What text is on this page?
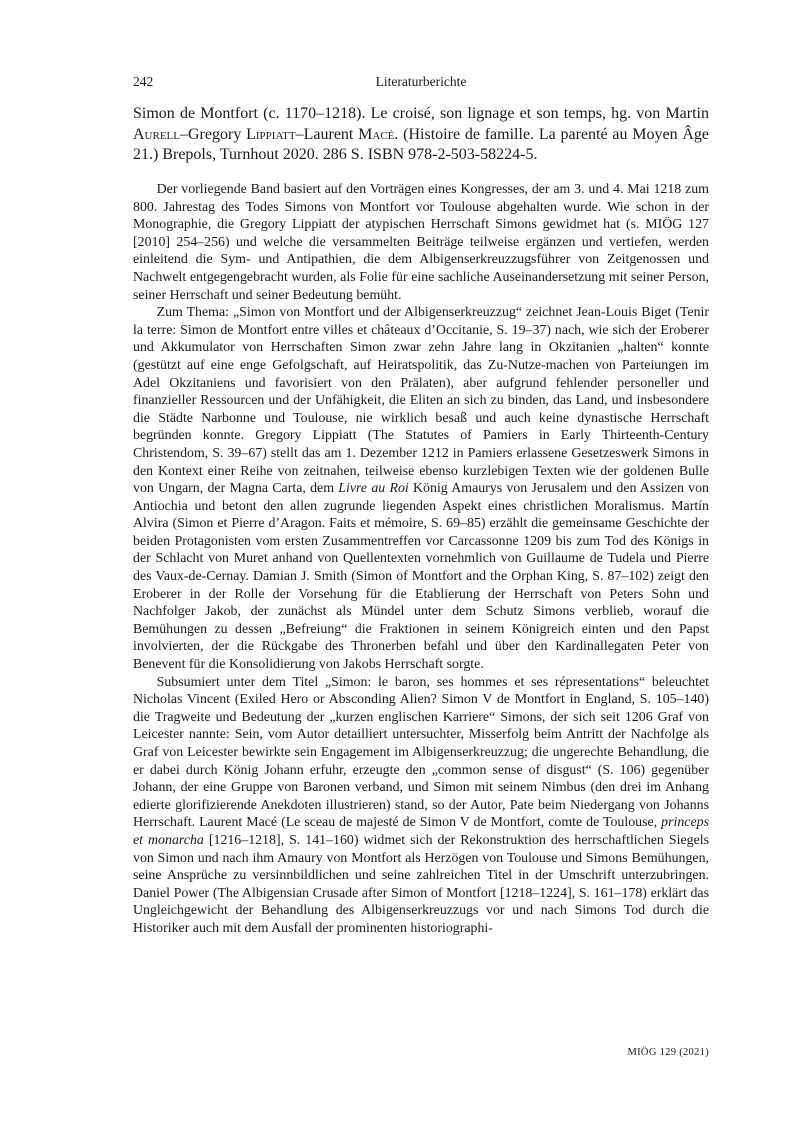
242	Literaturberichte
Simon de Montfort (c. 1170–1218). Le croisé, son lignage et son temps, hg. von Martin Aurell–Gregory Lippiatt–Laurent Macé. (Histoire de famille. La parenté au Moyen Âge 21.) Brepols, Turnhout 2020. 286 S. ISBN 978-2-503-58224-5.

Der vorliegende Band basiert auf den Vorträgen eines Kongresses, der am 3. und 4. Mai 1218 zum 800. Jahrestag des Todes Simons von Montfort vor Toulouse abgehalten wurde. Wie schon in der Monographie, die Gregory Lippiatt der atypischen Herrschaft Simons gewidmet hat (s. MIÖG 127 [2010] 254–256) und welche die versammelten Beiträge teilweise ergänzen und vertiefen, werden einleitend die Sym- und Antipathien, die dem Albigenserkreuzzugsführer von Zeitgenossen und Nachwelt entgegengebracht wurden, als Folie für eine sachliche Auseinandersetzung mit seiner Person, seiner Herrschaft und seiner Bedeutung bemüht.

Zum Thema: „Simon von Montfort und der Albigenserkreuzzug“ zeichnet Jean-Louis Biget (Tenir la terre: Simon de Montfort entre villes et châteaux d’Occitanie, S. 19–37) nach, wie sich der Eroberer und Akkumulator von Herrschaften Simon zwar zehn Jahre lang in Okzitanien „halten“ konnte (gestützt auf eine enge Gefolgschaft, auf Heiratspolitik, das Zu-Nutze-machen von Parteiungen im Adel Okzitaniens und favorisiert von den Prälaten), aber aufgrund fehlender personeller und finanzieller Ressourcen und der Unfähigkeit, die Eliten an sich zu binden, das Land, und insbesondere die Städte Narbonne und Toulouse, nie wirklich besaß und auch keine dynastische Herrschaft begründen konnte. Gregory Lippiatt (The Statutes of Pamiers in Early Thirteenth-Century Christendom, S. 39–67) stellt das am 1. Dezember 1212 in Pamiers erlassene Gesetzeswerk Simons in den Kontext einer Reihe von zeitnahen, teilweise ebenso kurzlebigen Texten wie der goldenen Bulle von Ungarn, der Magna Carta, dem Livre au Roi König Amaurys von Jerusalem und den Assizen von Antiochia und betont den allen zugrunde liegenden Aspekt eines christlichen Moralismus. Martín Alvira (Simon et Pierre d’Aragon. Faits et mémoire, S. 69–85) erzählt die gemeinsame Geschichte der beiden Protagonisten vom ersten Zusammentreffen vor Carcassonne 1209 bis zum Tod des Königs in der Schlacht von Muret anhand von Quellentexten vornehmlich von Guillaume de Tudela und Pierre des Vaux-de-Cernay. Damian J. Smith (Simon of Montfort and the Orphan King, S. 87–102) zeigt den Eroberer in der Rolle der Vorsehung für die Etablierung der Herrschaft von Peters Sohn und Nachfolger Jakob, der zunächst als Mündel unter dem Schutz Simons verblieb, worauf die Bemühungen zu dessen „Befreiung“ die Fraktionen in seinem Königreich einten und den Papst involvierten, der die Rückgabe des Thronerben befahl und über den Kardinallegaten Peter von Benevent für die Konsolidierung von Jakobs Herrschaft sorgte.

Subsumiert unter dem Titel „Simon: le baron, ses hommes et ses répresentations“ beleuchtet Nicholas Vincent (Exiled Hero or Absconding Alien? Simon V de Montfort in England, S. 105–140) die Tragweite und Bedeutung der „kurzen englischen Karriere“ Simons, der sich seit 1206 Graf von Leicester nannte: Sein, vom Autor detailliert untersuchter, Misserfolg beim Antritt der Nachfolge als Graf von Leicester bewirkte sein Engagement im Albigenserkreuzzug; die ungerechte Behandlung, die er dabei durch König Johann erfuhr, erzeugte den „common sense of disgust“ (S. 106) gegenüber Johann, der eine Gruppe von Baronen verband, und Simon mit seinem Nimbus (den drei im Anhang edierte glorifizierende Anekdoten illustrieren) stand, so der Autor, Pate beim Niedergang von Johanns Herrschaft. Laurent Macé (Le sceau de majesté de Simon V de Montfort, comte de Toulouse, princeps et monarcha [1216–1218], S. 141–160) widmet sich der Rekonstruktion des herrschaftlichen Siegels von Simon und nach ihm Amaury von Montfort als Herzögen von Toulouse und Simons Bemühungen, seine Ansprüche zu versinnbildlichen und seine zahlreichen Titel in der Umschrift unterzubringen. Daniel Power (The Albigensian Crusade after Simon of Montfort [1218–1224], S. 161–178) erklärt das Ungleichgewicht der Behandlung des Albigenserkreuzzugs vor und nach Simons Tod durch die Historiker auch mit dem Ausfall der prominenten historiographi-

MIÖG 129 (2021)
